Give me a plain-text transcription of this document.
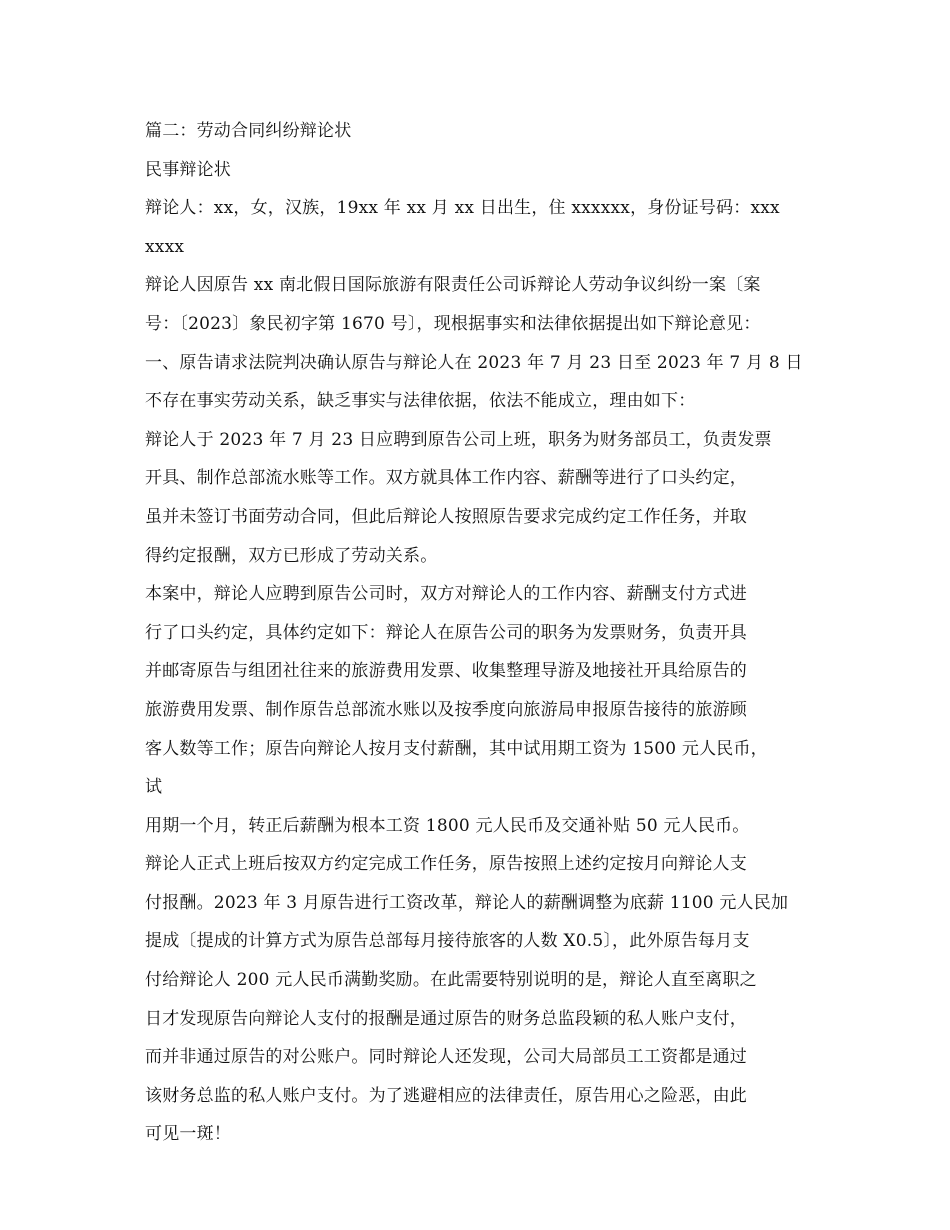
篇二：劳动合同纠纷辩论状
民事辩论状
辩论人：xx，女，汉族，19xx 年 xx 月 xx 日出生，住 xxxxxx，身份证号码：xxx
xxxx
辩论人因原告 xx 南北假日国际旅游有限责任公司诉辩论人劳动争议纠纷一案〔案
号：〔2023〕象民初字第 1670 号〕，现根据事实和法律依据提出如下辩论意见：
一、原告请求法院判决确认原告与辩论人在 2023 年 7 月 23 日至 2023 年 7 月 8 日
不存在事实劳动关系，缺乏事实与法律依据，依法不能成立，理由如下：
辩论人于 2023 年 7 月 23 日应聘到原告公司上班，职务为财务部员工，负责发票
开具、制作总部流水账等工作。双方就具体工作内容、薪酬等进行了口头约定，
虽并未签订书面劳动合同，但此后辩论人按照原告要求完成约定工作任务，并取
得约定报酬，双方已形成了劳动关系。
本案中，辩论人应聘到原告公司时，双方对辩论人的工作内容、薪酬支付方式进
行了口头约定，具体约定如下：辩论人在原告公司的职务为发票财务，负责开具
并邮寄原告与组团社往来的旅游费用发票、收集整理导游及地接社开具给原告的
旅游费用发票、制作原告总部流水账以及按季度向旅游局申报原告接待的旅游顾
客人数等工作；原告向辩论人按月支付薪酬，其中试用期工资为 1500 元人民币，
试
用期一个月，转正后薪酬为根本工资 1800 元人民币及交通补贴 50 元人民币。
辩论人正式上班后按双方约定完成工作任务，原告按照上述约定按月向辩论人支
付报酬。2023 年 3 月原告进行工资改革，辩论人的薪酬调整为底薪 1100 元人民加
提成〔提成的计算方式为原告总部每月接待旅客的人数 X0.5〕，此外原告每月支
付给辩论人 200 元人民币满勤奖励。在此需要特别说明的是，辩论人直至离职之
日才发现原告向辩论人支付的报酬是通过原告的财务总监段颖的私人账户支付，
而并非通过原告的对公账户。同时辩论人还发现，公司大局部员工工资都是通过
该财务总监的私人账户支付。为了逃避相应的法律责任，原告用心之险恶，由此
可见一斑！
